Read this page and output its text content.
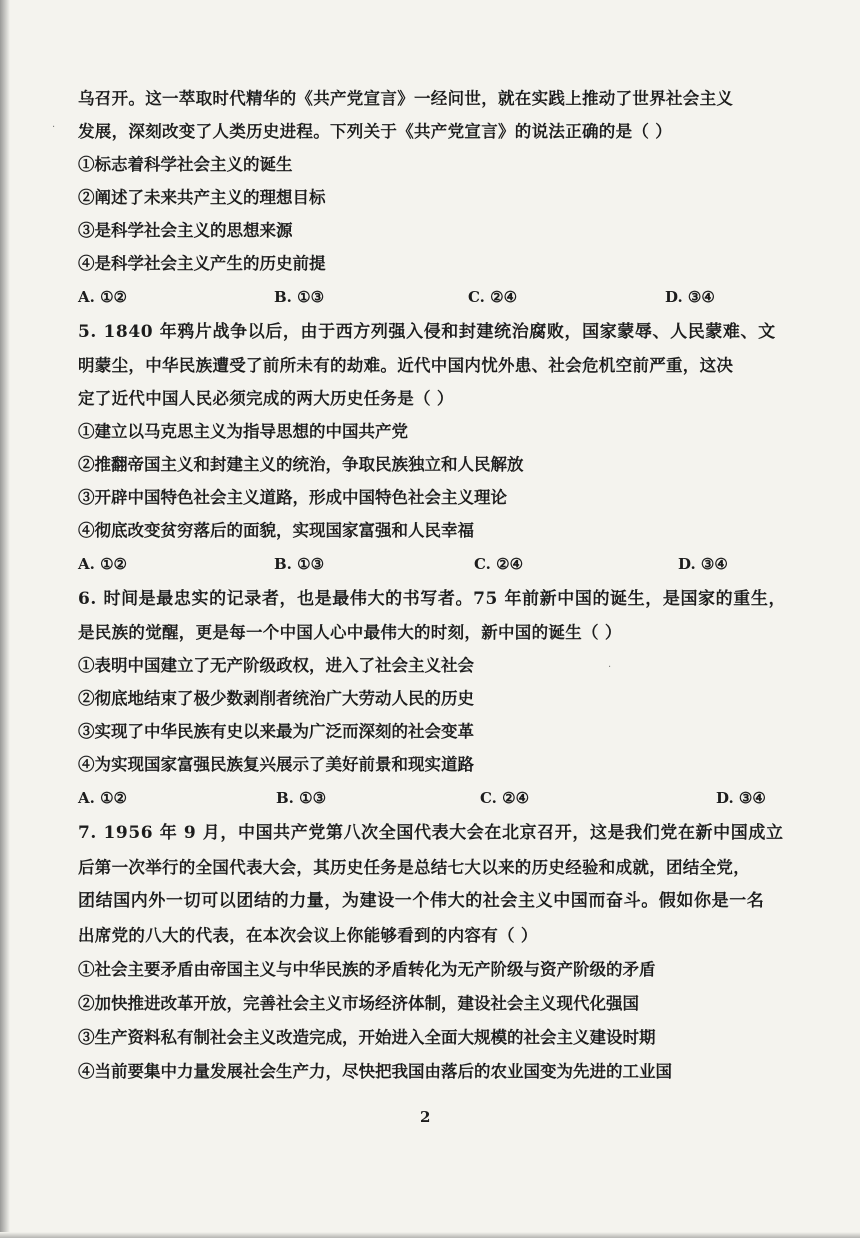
·
·
乌召开。这一萃取时代精华的《共产党宣言》一经问世，就在实践上推动了世界社会主义
发展，深刻改变了人类历史进程。下列关于《共产党宣言》的说法正确的是（ ）
①标志着科学社会主义的诞生
②阐述了未来共产主义的理想目标
③是科学社会主义的思想来源
④是科学社会主义产生的历史前提
A. ①②	B. ①③	C. ②④	D. ③④
5. 1840 年鸦片战争以后，由于西方列强入侵和封建统治腐败，国家蒙辱、人民蒙难、文
明蒙尘，中华民族遭受了前所未有的劫难。近代中国内忧外患、社会危机空前严重，这决
定了近代中国人民必须完成的两大历史任务是（ ）
①建立以马克思主义为指导思想的中国共产党
②推翻帝国主义和封建主义的统治，争取民族独立和人民解放
③开辟中国特色社会主义道路，形成中国特色社会主义理论
④彻底改变贫穷落后的面貌，实现国家富强和人民幸福
A. ①②	B. ①③	C. ②④	D. ③④
6. 时间是最忠实的记录者，也是最伟大的书写者。75 年前新中国的诞生，是国家的重生，
是民族的觉醒，更是每一个中国人心中最伟大的时刻，新中国的诞生（ ）
①表明中国建立了无产阶级政权，进入了社会主义社会
②彻底地结束了极少数剥削者统治广大劳动人民的历史
③实现了中华民族有史以来最为广泛而深刻的社会变革
④为实现国家富强民族复兴展示了美好前景和现实道路
A. ①②	B. ①③	C. ②④	D. ③④
7. 1956 年 9 月，中国共产党第八次全国代表大会在北京召开，这是我们党在新中国成立
后第一次举行的全国代表大会，其历史任务是总结七大以来的历史经验和成就，团结全党，
团结国内外一切可以团结的力量，为建设一个伟大的社会主义中国而奋斗。假如你是一名
出席党的八大的代表，在本次会议上你能够看到的内容有（ ）
①社会主要矛盾由帝国主义与中华民族的矛盾转化为无产阶级与资产阶级的矛盾
②加快推进改革开放，完善社会主义市场经济体制，建设社会主义现代化强国
③生产资料私有制社会主义改造完成，开始进入全面大规模的社会主义建设时期
④当前要集中力量发展社会生产力，尽快把我国由落后的农业国变为先进的工业国
2
